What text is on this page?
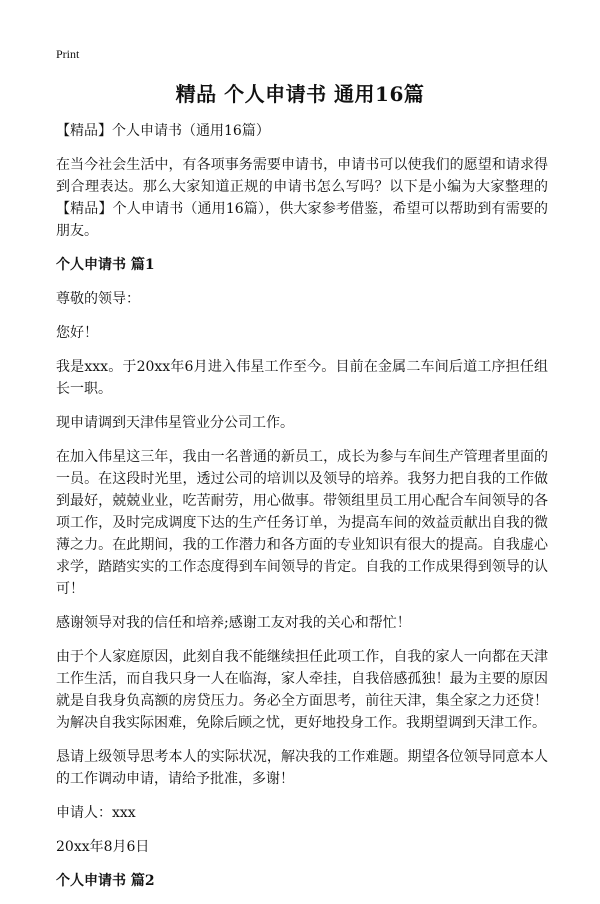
Print
精品 个人申请书 通用16篇

【精品】个人申请书（通用16篇）

在当今社会生活中，有各项事务需要申请书，申请书可以使我们的愿望和请求得到合理表达。那么大家知道正规的申请书怎么写吗？以下是小编为大家整理的【精品】个人申请书（通用16篇），供大家参考借鉴，希望可以帮助到有需要的朋友。

个人申请书 篇1

尊敬的领导：

您好！

我是xxx。于20xx年6月进入伟星工作至今。目前在金属二车间后道工序担任组长一职。

现申请调到天津伟星管业分公司工作。

在加入伟星这三年，我由一名普通的新员工，成长为参与车间生产管理者里面的一员。在这段时光里，透过公司的培训以及领导的培养。我努力把自我的工作做到最好，兢兢业业，吃苦耐劳，用心做事。带领组里员工用心配合车间领导的各项工作，及时完成调度下达的生产任务订单，为提高车间的效益贡献出自我的微薄之力。在此期间，我的工作潜力和各方面的专业知识有很大的提高。自我虚心求学，踏踏实实的工作态度得到车间领导的肯定。自我的工作成果得到领导的认可！

感谢领导对我的信任和培养;感谢工友对我的关心和帮忙！

由于个人家庭原因，此刻自我不能继续担任此项工作，自我的家人一向都在天津工作生活，而自我只身一人在临海，家人牵挂，自我倍感孤独！最为主要的原因就是自我身负高额的房贷压力。务必全方面思考，前往天津，集全家之力还贷！为解决自我实际困难，免除后顾之忧，更好地投身工作。我期望调到天津工作。

恳请上级领导思考本人的实际状况，解决我的工作难题。期望各位领导同意本人的工作调动申请，请给予批准，多谢！

申请人：xxx

20xx年8月6日

个人申请书 篇2
